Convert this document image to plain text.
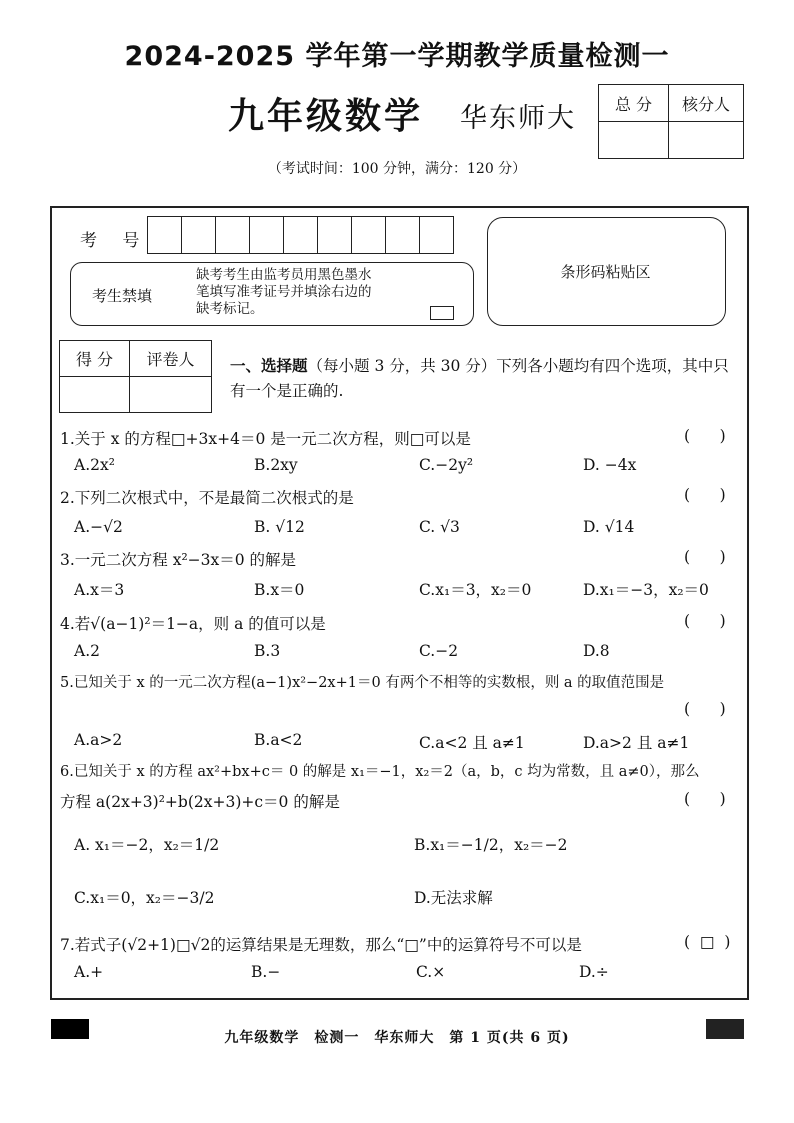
2024-2025 学年第一学期教学质量检测一
九年级数学 华东师大 总 分	核分人

（考试时间：100 分钟，满分：120 分）
考 号

考生禁填
缺考考生由监考员用黑色墨水
笔填写准考证号并填涂右边的
缺考标记。
条形码粘贴区
得 分	评卷人
	一、选择题（每小题 3 分，共 30 分）下列各小题均有四个选项，其中只有一个是正确的.
1.关于 x 的方程□+3x+4＝0 是一元二次方程，则□可以是	(      )
A.2x²	B.2xy	C.−2y²	D. −4x
2.下列二次根式中，不是最简二次根式的是	(      )
A.−√2	B. √12	C. √3	D. √14
3.一元二次方程 x²−3x＝0 的解是	(      )
A.x＝3	B.x＝0	C.x₁＝3，x₂＝0	D.x₁＝−3，x₂＝0
4.若√(a−1)²＝1−a，则 a 的值可以是	(      )
A.2	B.3	C.−2	D.8
5.已知关于 x 的一元二次方程(a−1)x²−2x+1＝0 有两个不相等的实数根，则 a 的取值范围是
(      )
A.a>2	B.a<2	C.a<2 且 a≠1	D.a>2 且 a≠1
6.已知关于 x 的方程 ax²+bx+c＝ 0 的解是 x₁＝−1，x₂＝2（a，b，c 均为常数，且 a≠0），那么
方程 a(2x+3)²+b(2x+3)+c＝0 的解是	(      )
A. x₁＝−2，x₂＝1/2	B.x₁＝−1/2，x₂＝−2
C.x₁＝0，x₂＝−3/2	D.无法求解
7.若式子(√2+1)□√2的运算结果是无理数，那么“□”中的运算符号不可以是	(  □  )
A.+	B.−	C.×	D.÷
九年级数学　检测一　华东师大　第 1 页(共 6 页)
